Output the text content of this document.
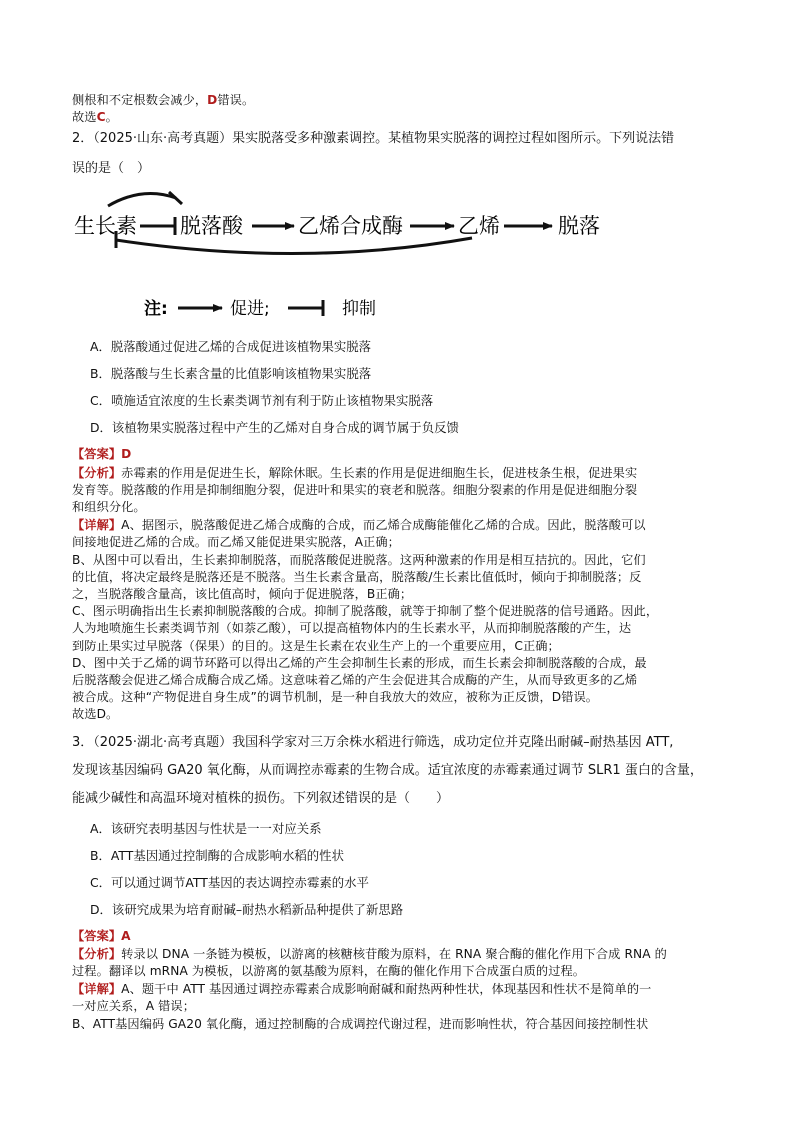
侧根和不定根数会减少，D错误。
故选C。
2．（2025·山东·高考真题）果实脱落受多种激素调控。某植物果实脱落的调控过程如图所示。下列说法错
误的是（　）
生长素 脱落酸	乙烯合成酶	乙烯	脱落
注:	促进;	抑制
A．脱落酸通过促进乙烯的合成促进该植物果实脱落
B．脱落酸与生长素含量的比值影响该植物果实脱落
C．喷施适宜浓度的生长素类调节剂有利于防止该植物果实脱落
D．该植物果实脱落过程中产生的乙烯对自身合成的调节属于负反馈
【答案】D
【分析】赤霉素的作用是促进生长，解除休眠。生长素的作用是促进细胞生长，促进枝条生根，促进果实
发育等。脱落酸的作用是抑制细胞分裂，促进叶和果实的衰老和脱落。细胞分裂素的作用是促进细胞分裂
和组织分化。
【详解】A、据图示，脱落酸促进乙烯合成酶的合成，而乙烯合成酶能催化乙烯的合成。因此，脱落酸可以
间接地促进乙烯的合成。而乙烯又能促进果实脱落，A正确；
B、从图中可以看出，生长素抑制脱落，而脱落酸促进脱落。这两种激素的作用是相互拮抗的。因此，它们
的比值，将决定最终是脱落还是不脱落。当生长素含量高，脱落酸/生长素比值低时，倾向于抑制脱落；反
之，当脱落酸含量高，该比值高时，倾向于促进脱落，B正确；
C、图示明确指出生长素抑制脱落酸的合成。抑制了脱落酸，就等于抑制了整个促进脱落的信号通路。因此，
人为地喷施生长素类调节剂（如萘乙酸），可以提高植物体内的生长素水平，从而抑制脱落酸的产生，达
到防止果实过早脱落（保果）的目的。这是生长素在农业生产上的一个重要应用，C正确；
D、图中关于乙烯的调节环路可以得出乙烯的产生会抑制生长素的形成，而生长素会抑制脱落酸的合成，最
后脱落酸会促进乙烯合成酶合成乙烯。这意味着乙烯的产生会促进其合成酶的产生，从而导致更多的乙烯
被合成。这种“产物促进自身生成”的调节机制，是一种自我放大的效应，被称为正反馈，D错误。
故选D。
3．（2025·湖北·高考真题）我国科学家对三万余株水稻进行筛选，成功定位并克隆出耐碱–耐热基因 ATT,
发现该基因编码 GA20 氧化酶，从而调控赤霉素的生物合成。适宜浓度的赤霉素通过调节 SLR1 蛋白的含量，
能减少碱性和高温环境对植株的损伤。下列叙述错误的是（　　）
A．该研究表明基因与性状是一一对应关系
B．ATT基因通过控制酶的合成影响水稻的性状
C．可以通过调节ATT基因的表达调控赤霉素的水平
D．该研究成果为培育耐碱–耐热水稻新品种提供了新思路
【答案】A
【分析】转录以 DNA 一条链为模板，以游离的核糖核苷酸为原料，在 RNA 聚合酶的催化作用下合成 RNA 的
过程。翻译以 mRNA 为模板，以游离的氨基酸为原料，在酶的催化作用下合成蛋白质的过程。
【详解】A、题干中 ATT 基因通过调控赤霉素合成影响耐碱和耐热两种性状，体现基因和性状不是简单的一
一对应关系，A 错误；
B、ATT基因编码 GA20 氧化酶，通过控制酶的合成调控代谢过程，进而影响性状，符合基因间接控制性状
